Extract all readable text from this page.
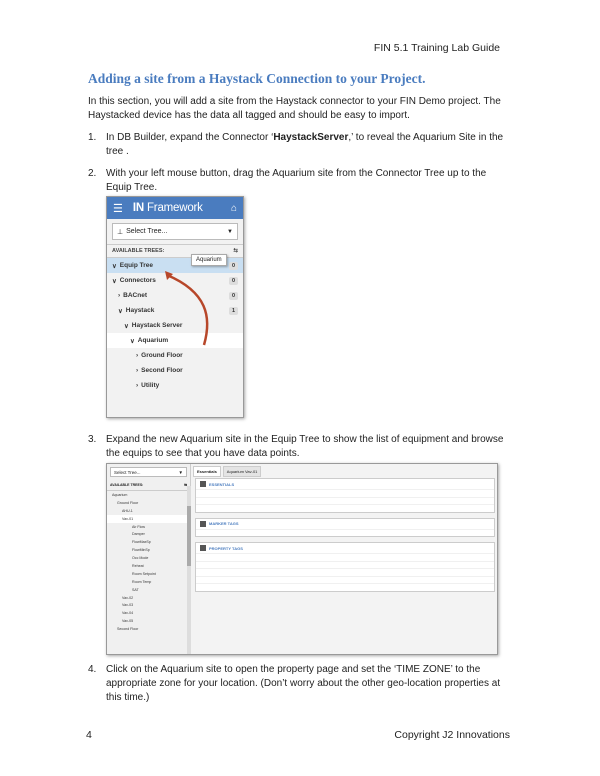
FIN 5.1 Training Lab Guide
Adding a site from a Haystack Connection to your Project.
In this section, you will add a site from the Haystack connector to your FIN Demo project. The Haystacked device has the data all tagged and should be easy to import.
1. In DB Builder, expand the Connector ‘HaystackServer,’ to reveal the Aquarium Site in the tree .
2. With your left mouse button, drag the Aquarium site from the Connector Tree up to the Equip Tree.
☰ IN Framework	⌂
⊥ Select Tree...	▼
AVAILABLE TREES:	⇆
∨ Equip Tree	0
∨ Connectors	0
› BACnet	0
∨ Haystack	1
∨ Haystack Server
∨ Aquarium
› Ground Floor
› Second Floor
› Utility
Aquarium
3. Expand the new Aquarium site in the Equip Tree to show the list of equipment and browse the equips to see that you have data points.
Select Tree...	▼
AVAILABLE TREES:	⇆
Aquarium
Ground Floor
AHU-1
Vav-01
Air Flow
Damper
FlowMaxSp
FlowMinSp
Occ Mode
Reheat
Room Setpoint
Room Temp
SAT
Vav-02
Vav-03
Vav-04
Vav-05
Second Floor
Essentials	Aquarium Vav-01
ESSENTIALS
MARKER TAGS
PROPERTY TAGS
4. Click on the Aquarium site to open the property page and set the ‘TIME ZONE’ to the appropriate zone for your location. (Don’t worry about the other geo-location properties at this time.)
4	Copyright J2 Innovations
